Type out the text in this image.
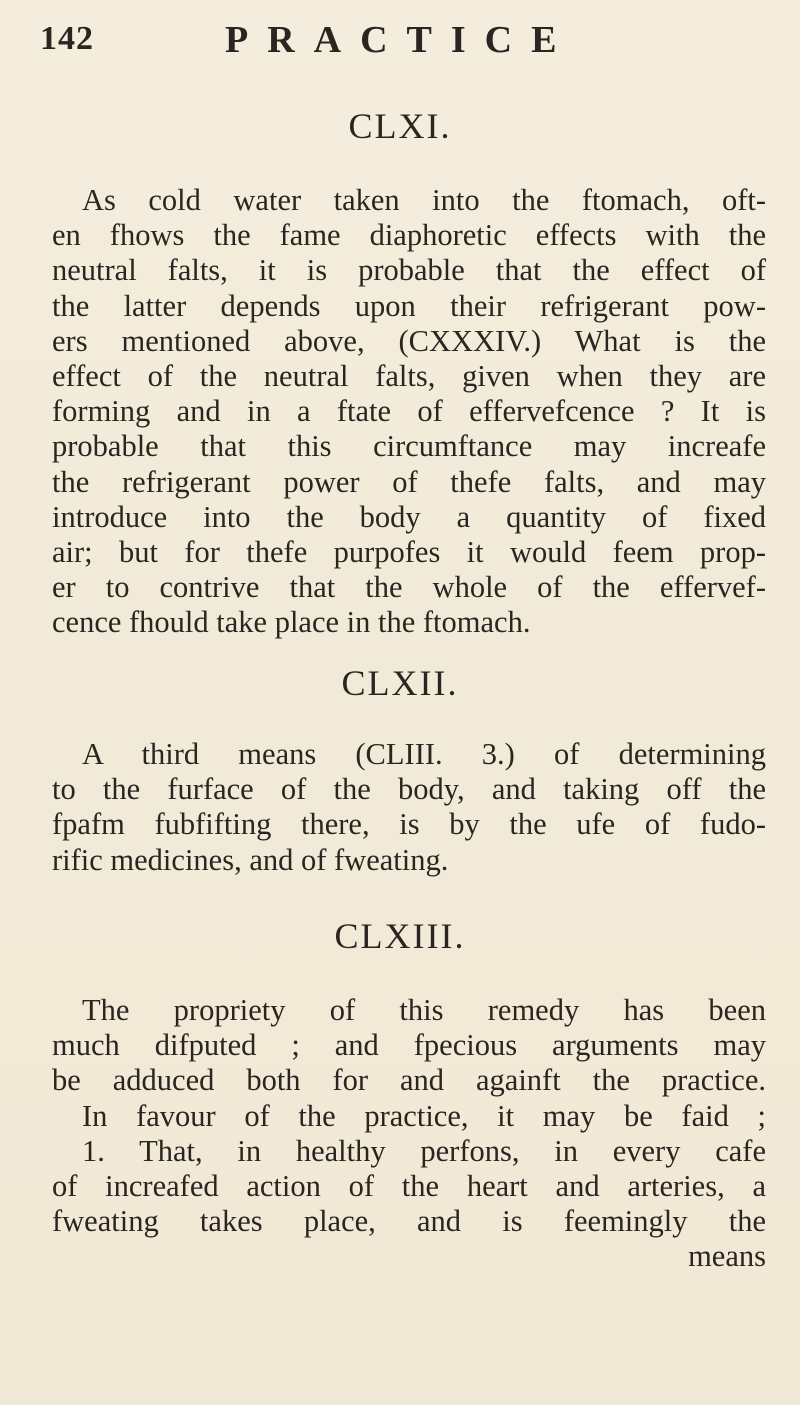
142	PRACTICE
CLXI.
As cold water taken into the ftomach, oft-
en fhows the fame diaphoretic effects with the
neutral falts, it is probable that the effect of
the latter depends upon their refrigerant pow-
ers mentioned above, (CXXXIV.) What is the
effect of the neutral falts, given when they are
forming and in a ftate of effervefcence ? It is
probable that this circumftance may increafe
the refrigerant power of thefe falts, and may
introduce into the body a quantity of fixed
air; but for thefe purpofes it would feem prop-
er to contrive that the whole of the effervef-
cence fhould take place in the ftomach.
CLXII.
A third means (CLIII. 3.) of determining
to the furface of the body, and taking off the
fpafm fubfifting there, is by the ufe of fudo-
rific medicines, and of fweating.
CLXIII.
The propriety of this remedy has been
much difputed ; and fpecious arguments may
be adduced both for and againft the practice.
In favour of the practice, it may be faid ;
1. That, in healthy perfons, in every cafe
of increafed action of the heart and arteries, a
fweating takes place, and is feemingly the
means
